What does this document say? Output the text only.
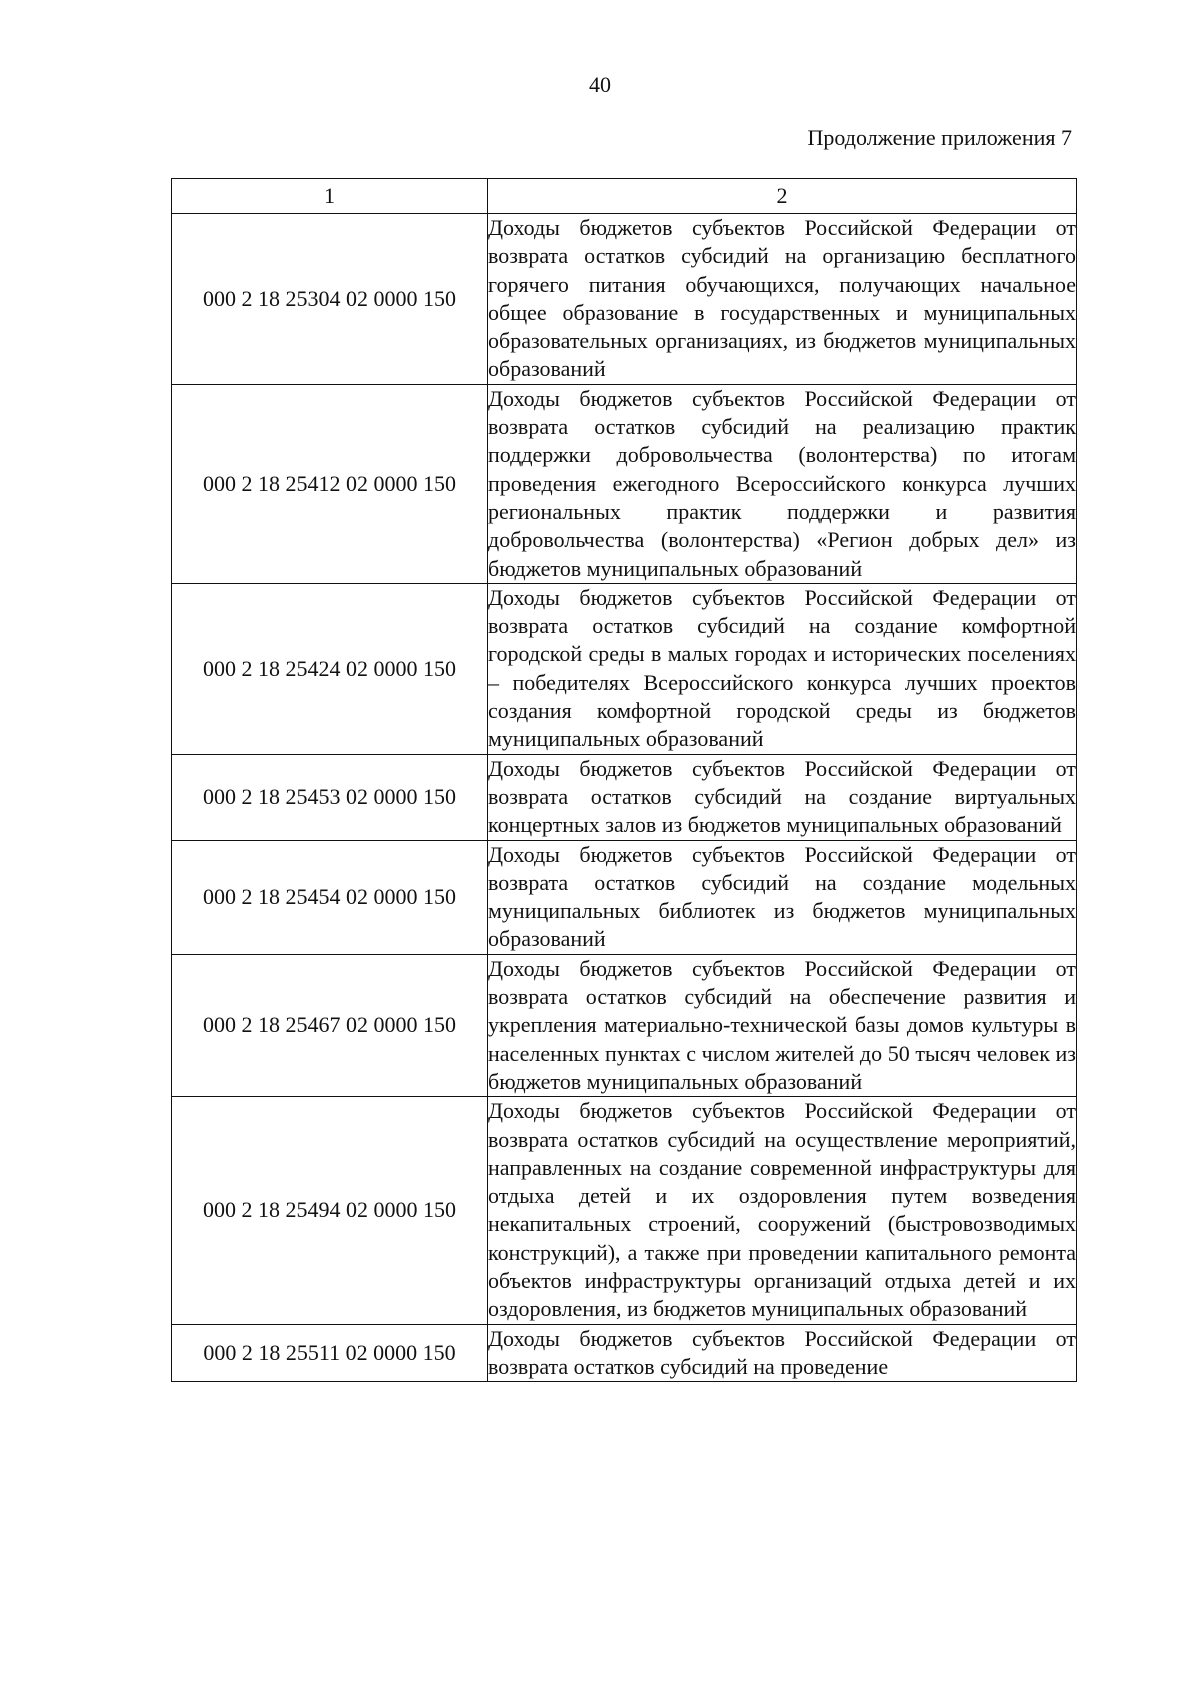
40
Продолжение приложения 7
1	2
000 2 18 25304 02 0000 150	Доходы бюджетов субъектов Российской Федерации от возврата остатков субсидий на организацию бесплатного горячего питания обучающихся, получающих начальное общее образование в государственных и муниципальных образовательных организациях, из бюджетов муниципальных образований
000 2 18 25412 02 0000 150	Доходы бюджетов субъектов Российской Федерации от возврата остатков субсидий на реализацию практик поддержки добровольчества (волонтерства) по итогам проведения ежегодного Всероссийского конкурса лучших региональных практик поддержки и развития добровольчества (волонтерства) «Регион добрых дел» из бюджетов муниципальных образований
000 2 18 25424 02 0000 150	Доходы бюджетов субъектов Российской Федерации от возврата остатков субсидий на создание комфортной городской среды в малых городах и исторических поселениях – победителях Всероссийского конкурса лучших проектов создания комфортной городской среды из бюджетов муниципальных образований
000 2 18 25453 02 0000 150	Доходы бюджетов субъектов Российской Федерации от возврата остатков субсидий на создание виртуальных концертных залов из бюджетов муниципальных образований
000 2 18 25454 02 0000 150	Доходы бюджетов субъектов Российской Федерации от возврата остатков субсидий на создание модельных муниципальных библиотек из бюджетов муниципальных образований
000 2 18 25467 02 0000 150	Доходы бюджетов субъектов Российской Федерации от возврата остатков субсидий на обеспечение развития и укрепления материально-технической базы домов культуры в населенных пунктах с числом жителей до 50 тысяч человек из бюджетов муниципальных образований
000 2 18 25494 02 0000 150	Доходы бюджетов субъектов Российской Федерации от возврата остатков субсидий на осуществление мероприятий, направленных на создание современной инфраструктуры для отдыха детей и их оздоровления путем возведения некапитальных строений, сооружений (быстровозводимых конструкций), а также при проведении капитального ремонта объектов инфраструктуры организаций отдыха детей и их оздоровления, из бюджетов муниципальных образований
000 2 18 25511 02 0000 150	Доходы бюджетов субъектов Российской Федерации от возврата остатков субсидий на проведение
